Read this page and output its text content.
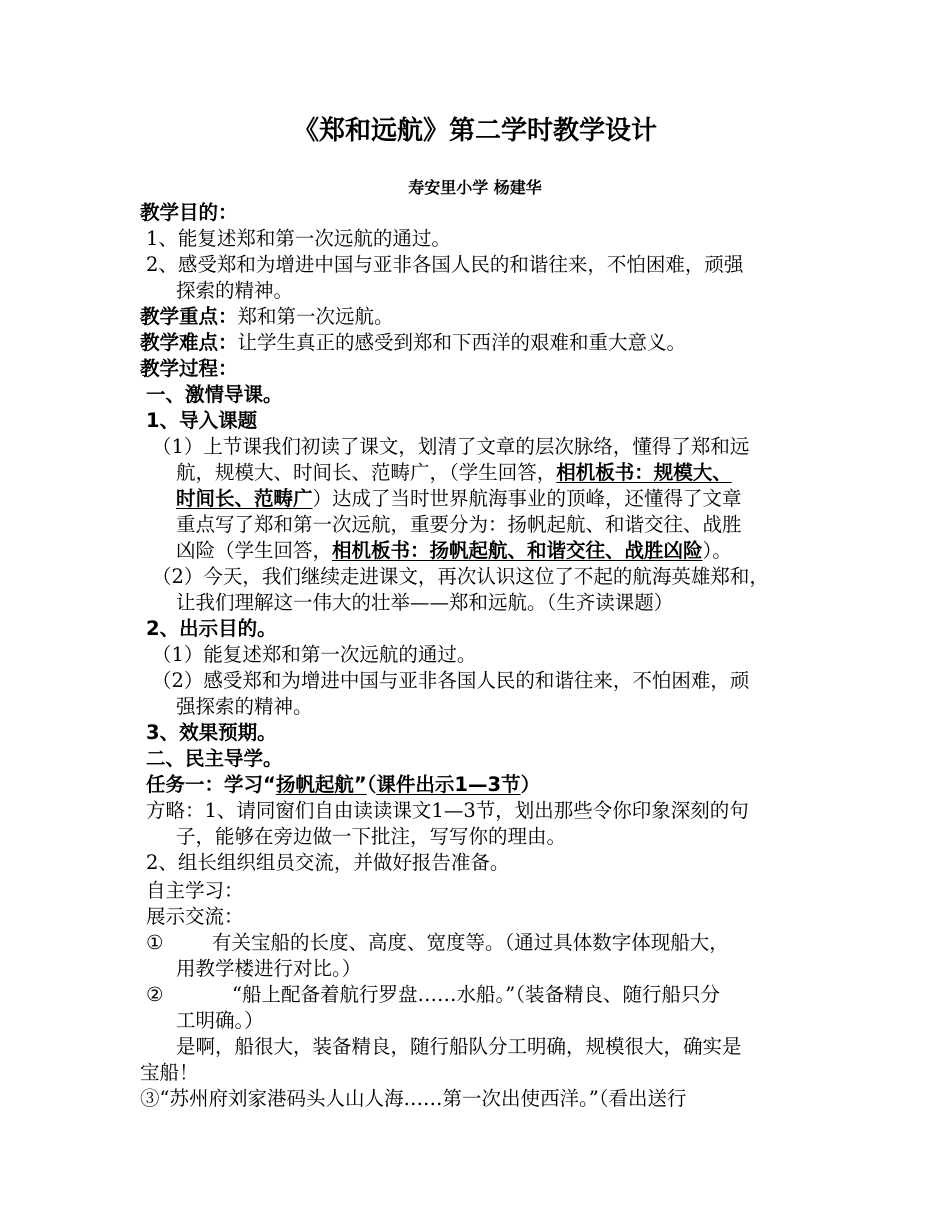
《郑和远航》第二学时教学设计
寿安里小学 杨建华
教学目的：
1、能复述郑和第一次远航的通过。
2、感受郑和为增进中国与亚非各国人民的和谐往来，不怕困难，顽强
探索的精神。
教学重点：郑和第一次远航。
教学难点：让学生真正的感受到郑和下西洋的艰难和重大意义。
教学过程：
一、激情导课。
1、导入课题
（1）上节课我们初读了课文，划清了文章的层次脉络，懂得了郑和远
航，规模大、时间长、范畴广，（学生回答，相机板书：规模大、
时间长、范畴广）达成了当时世界航海事业的顶峰，还懂得了文章
重点写了郑和第一次远航，重要分为：扬帆起航、和谐交往、战胜
凶险（学生回答，相机板书：扬帆起航、和谐交往、战胜凶险）。
（2）今天，我们继续走进课文，再次认识这位了不起的航海英雄郑和，
让我们理解这一伟大的壮举——郑和远航。（生齐读课题）
2、出示目的。
（1）能复述郑和第一次远航的通过。
（2）感受郑和为增进中国与亚非各国人民的和谐往来，不怕困难，顽
强探索的精神。
3、效果预期。
二、民主导学。
任务一：学习“扬帆起航”（课件出示1—3节）
方略：1、请同窗们自由读读课文1—3节，划出那些令你印象深刻的句
子，能够在旁边做一下批注，写写你的理由。
2、组长组织组员交流，并做好报告准备。
自主学习：
展示交流：
①	有关宝船的长度、高度、宽度等。（通过具体数字体现船大，
用教学楼进行对比。）
②	“船上配备着航行罗盘……水船。”（装备精良、随行船只分
工明确。）
是啊，船很大，装备精良，随行船队分工明确，规模很大，确实是
宝船！
③“苏州府刘家港码头人山人海……第一次出使西洋。”（看出送行
